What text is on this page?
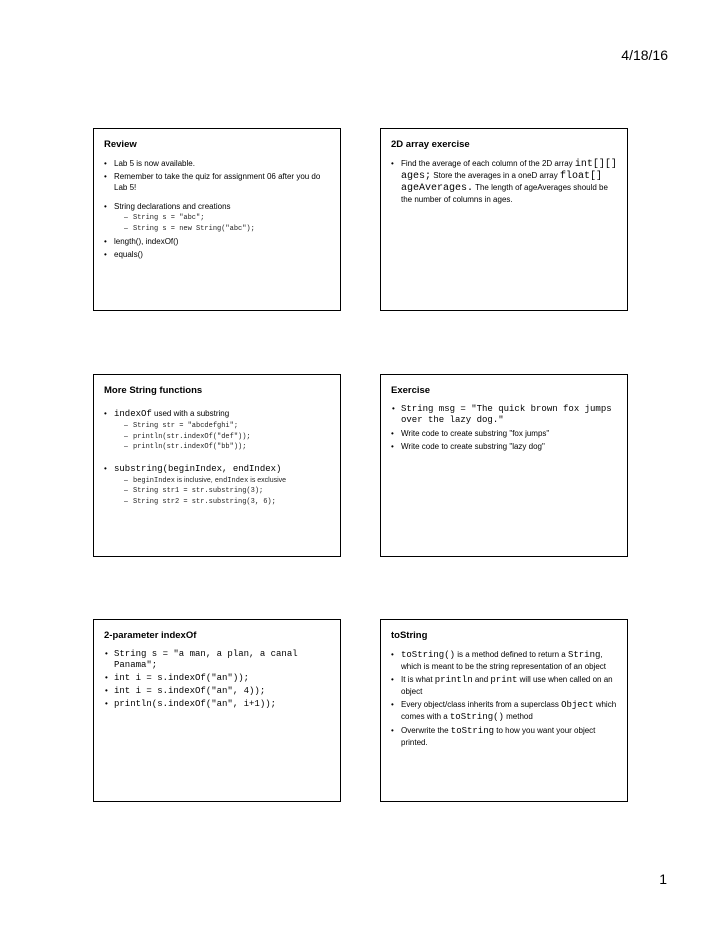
4/18/16
Review
• Lab 5 is now available.
• Remember to take the quiz for assignment 06 after you do Lab 5!
• String declarations and creations
– String s = "abc";
– String s = new String("abc");
• length(), indexOf()
• equals()
2D array exercise
• Find the average of each column of the 2D array int[][] ages; Store the averages in a oneD array float[] ageAverages. The length of ageAverages should be the number of columns in ages.
More String functions
• indexOf used with a substring
– String str = "abcdefghi";
– println(str.indexOf("def"));
– println(str.indexOf("bb"));
• substring(beginIndex, endIndex)
– beginIndex is inclusive, endIndex is exclusive
– String str1 = str.substring(3);
– String str2 = str.substring(3, 6);
Exercise
• String msg = "The quick brown fox jumps over the lazy dog."
• Write code to create substring "fox jumps"
• Write code to create substring "lazy dog"
2-parameter indexOf
• String s = "a man, a plan, a canal Panama";
• int i = s.indexOf("an"));
• int i = s.indexOf("an", 4));
• println(s.indexOf("an", i+1));
toString
• toString() is a method defined to return a String, which is meant to be the string representation of an object
• It is what println and print will use when called on an object
• Every object/class inherits from a superclass Object which comes with a toString() method
• Overwrite the toString to how you want your object printed.
1
